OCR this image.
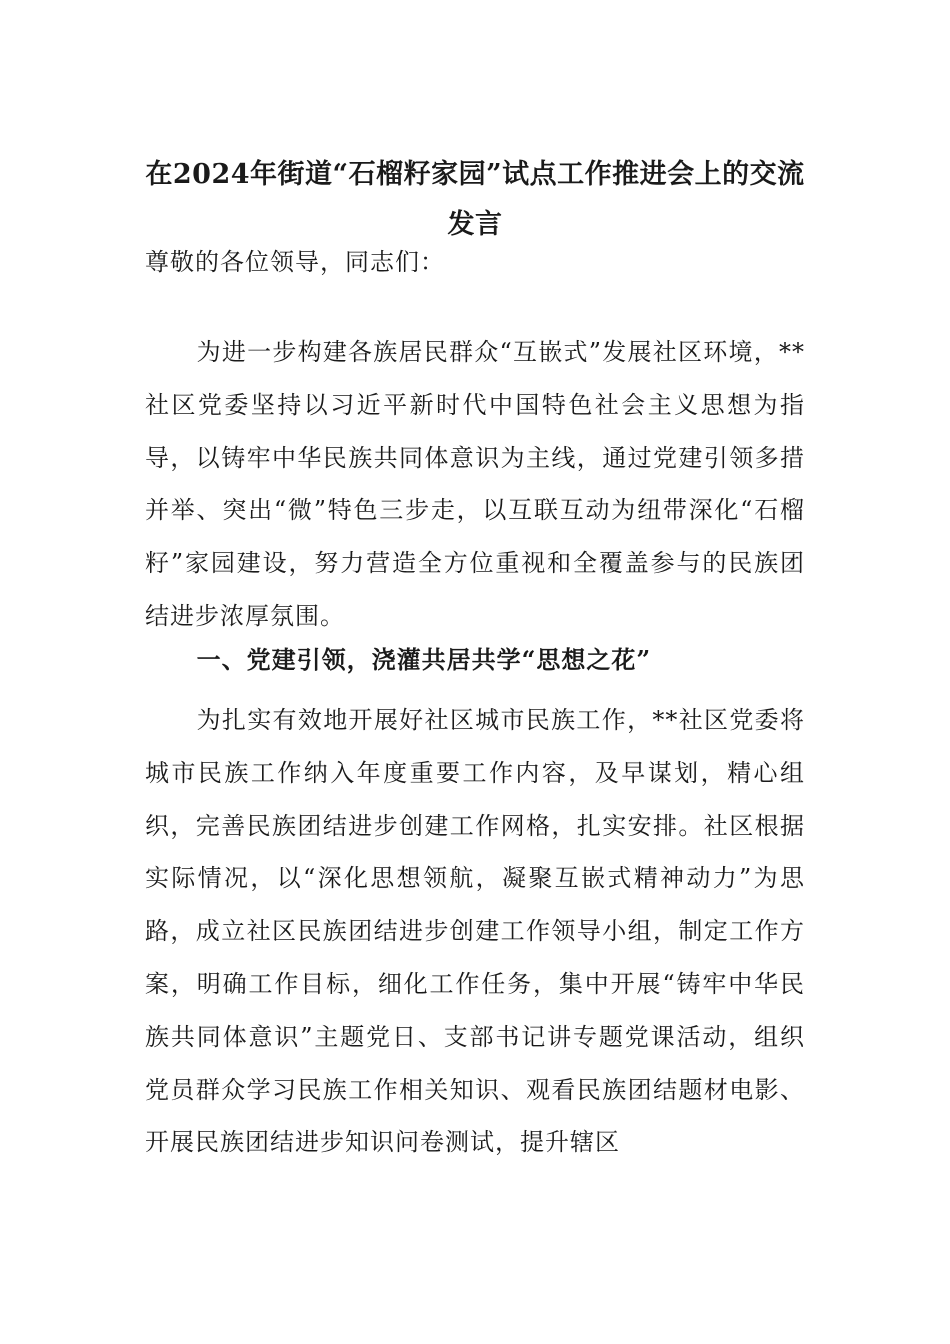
在2024年街道“石榴籽家园”试点工作推进会上的交流发言
尊敬的各位领导，同志们：
为进一步构建各族居民群众“互嵌式”发展社区环境，**社区党委坚持以习近平新时代中国特色社会主义思想为指导，以铸牢中华民族共同体意识为主线，通过党建引领多措并举、突出“微”特色三步走，以互联互动为纽带深化“石榴籽”家园建设，努力营造全方位重视和全覆盖参与的民族团结进步浓厚氛围。
一、党建引领，浇灌共居共学“思想之花”
为扎实有效地开展好社区城市民族工作，**社区党委将城市民族工作纳入年度重要工作内容，及早谋划，精心组织，完善民族团结进步创建工作网格，扎实安排。社区根据实际情况，以“深化思想领航，凝聚互嵌式精神动力”为思路，成立社区民族团结进步创建工作领导小组，制定工作方案，明确工作目标，细化工作任务，集中开展“铸牢中华民族共同体意识”主题党日、支部书记讲专题党课活动，组织党员群众学习民族工作相关知识、观看民族团结题材电影、开展民族团结进步知识问卷测试，提升辖区
